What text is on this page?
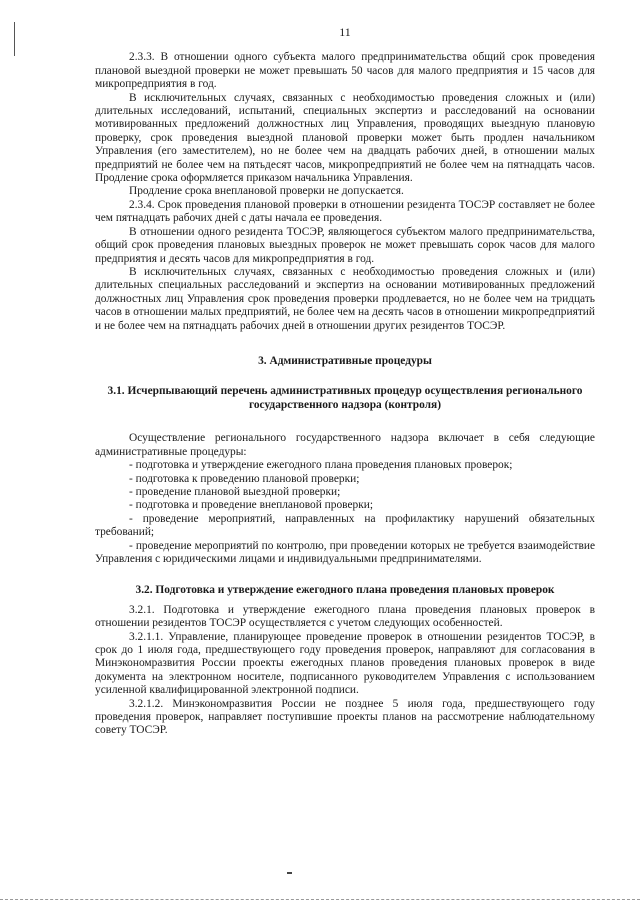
11

2.3.3. В отношении одного субъекта малого предпринимательства общий срок проведения плановой выездной проверки не может превышать 50 часов для малого предприятия и 15 часов для микропредприятия в год.

В исключительных случаях, связанных с необходимостью проведения сложных и (или) длительных исследований, испытаний, специальных экспертиз и расследований на основании мотивированных предложений должностных лиц Управления, проводящих выездную плановую проверку, срок проведения выездной плановой проверки может быть продлен начальником Управления (его заместителем), но не более чем на двадцать рабочих дней, в отношении малых предприятий не более чем на пятьдесят часов, микропредприятий не более чем на пятнадцать часов. Продление срока оформляется приказом начальника Управления.

Продление срока внеплановой проверки не допускается.

2.3.4. Срок проведения плановой проверки в отношении резидента ТОСЭР составляет не более чем пятнадцать рабочих дней с даты начала ее проведения.

В отношении одного резидента ТОСЭР, являющегося субъектом малого предпринимательства, общий срок проведения плановых выездных проверок не может превышать сорок часов для малого предприятия и десять часов для микропредприятия в год.

В исключительных случаях, связанных с необходимостью проведения сложных и (или) длительных специальных расследований и экспертиз на основании мотивированных предложений должностных лиц Управления срок проведения проверки продлевается, но не более чем на тридцать часов в отношении малых предприятий, не более чем на десять часов в отношении микропредприятий и не более чем на пятнадцать рабочих дней в отношении других резидентов ТОСЭР.

3. Административные процедуры
3.1. Исчерпывающий перечень административных процедур осуществления регионального государственного надзора (контроля)

Осуществление регионального государственного надзора включает в себя следующие административные процедуры:

- подготовка и утверждение ежегодного плана проведения плановых проверок;

- подготовка к проведению плановой проверки;

- проведение плановой выездной проверки;

- подготовка и проведение внеплановой проверки;

- проведение мероприятий, направленных на профилактику нарушений обязательных требований;

- проведение мероприятий по контролю, при проведении которых не требуется взаимодействие Управления с юридическими лицами и индивидуальными предпринимателями.

3.2. Подготовка и утверждение ежегодного плана проведения плановых проверок

3.2.1. Подготовка и утверждение ежегодного плана проведения плановых проверок в отношении резидентов ТОСЭР осуществляется с учетом следующих особенностей.

3.2.1.1. Управление, планирующее проведение проверок в отношении резидентов ТОСЭР, в срок до 1 июля года, предшествующего году проведения проверок, направляют для согласования в Минэкономразвития России проекты ежегодных планов проведения плановых проверок в виде документа на электронном носителе, подписанного руководителем Управления с использованием усиленной квалифицированной электронной подписи.

3.2.1.2. Минэкономразвития России не позднее 5 июля года, предшествующего году проведения проверок, направляет поступившие проекты планов на рассмотрение наблюдательному совету ТОСЭР.
